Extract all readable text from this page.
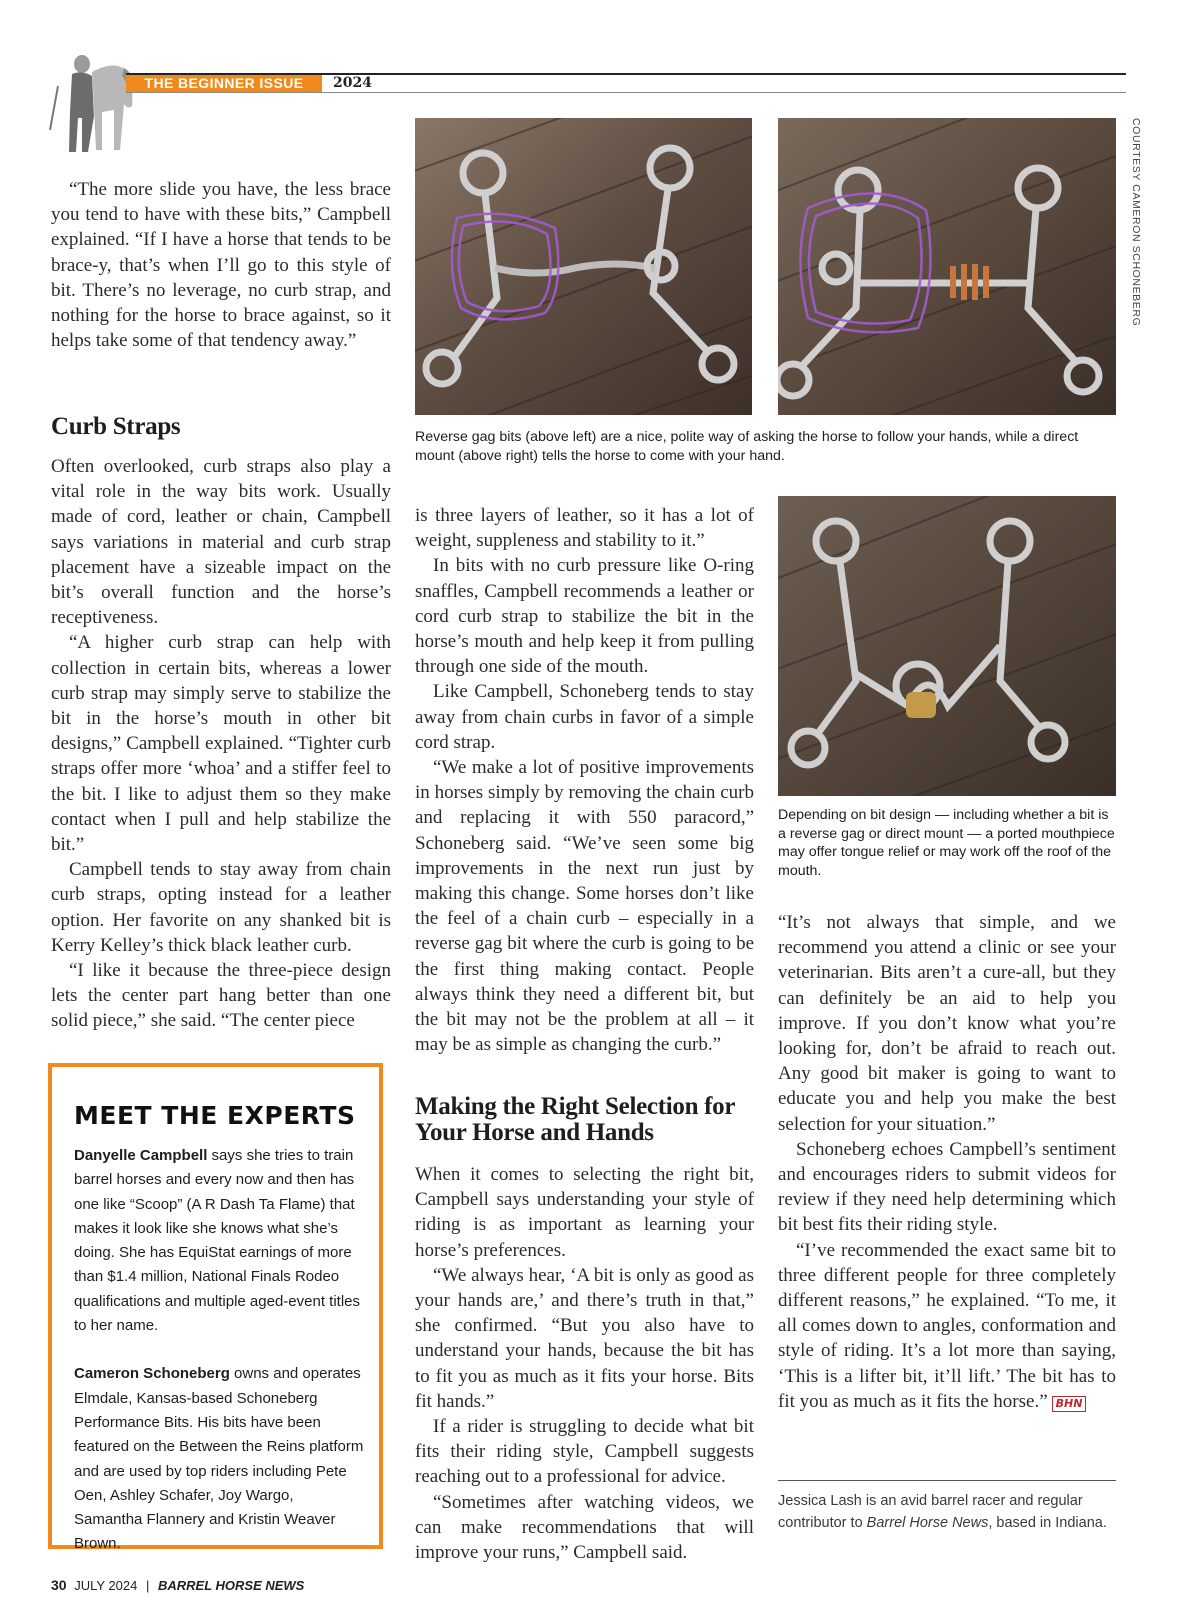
THE BEGINNER ISSUE	2024

“The more slide you have, the less brace you tend to have with these bits,” Campbell explained. “If I have a horse that tends to be brace-y, that’s when I’ll go to this style of bit. There’s no leverage, no curb strap, and nothing for the horse to brace against, so it helps take some of that tendency away.”

Curb Straps

Often overlooked, curb straps also play a vital role in the way bits work. Usually made of cord, leather or chain, Campbell says variations in material and curb strap placement have a sizeable impact on the bit’s overall function and the horse’s receptiveness.

“A higher curb strap can help with collection in certain bits, whereas a lower curb strap may simply serve to stabilize the bit in the horse’s mouth in other bit designs,” Campbell explained. “Tighter curb straps offer more ‘whoa’ and a stiffer feel to the bit. I like to adjust them so they make contact when I pull and help stabilize the bit.”

Campbell tends to stay away from chain curb straps, opting instead for a leather option. Her favorite on any shanked bit is Kerry Kelley’s thick black leather curb.

“I like it because the three-piece design lets the center part hang better than one solid piece,” she said. “The center piece

MEET THE EXPERTS

Danyelle Campbell says she tries to train barrel horses and every now and then has one like “Scoop” (A R Dash Ta Flame) that makes it look like she knows what she’s doing. She has EquiStat earnings of more than $1.4 million, National Finals Rodeo qualifications and multiple aged-event titles to her name.

Cameron Schoneberg owns and operates Elmdale, Kansas-based Schoneberg Performance Bits. His bits have been featured on the Between the Reins platform and are used by top riders including Pete Oen, Ashley Schafer, Joy Wargo, Samantha Flannery and Kristin Weaver Brown.

COURTESY CAMERON SCHONEBERG
Reverse gag bits (above left) are a nice, polite way of asking the horse to follow your hands, while a direct mount (above right) tells the horse to come with your hand.

is three layers of leather, so it has a lot of weight, suppleness and stability to it.”

In bits with no curb pressure like O-ring snaffles, Campbell recommends a leather or cord curb strap to stabilize the bit in the horse’s mouth and help keep it from pulling through one side of the mouth.

Like Campbell, Schoneberg tends to stay away from chain curbs in favor of a simple cord strap.

“We make a lot of positive improvements in horses simply by removing the chain curb and replacing it with 550 paracord,” Schoneberg said. “We’ve seen some big improvements in the next run just by making this change. Some horses don’t like the feel of a chain curb – especially in a reverse gag bit where the curb is going to be the first thing making contact. People always think they need a different bit, but the bit may not be the problem at all – it may be as simple as changing the curb.”

Making the Right Selection for Your Horse and Hands

When it comes to selecting the right bit, Campbell says understanding your style of riding is as important as learning your horse’s preferences.

“We always hear, ‘A bit is only as good as your hands are,’ and there’s truth in that,” she confirmed. “But you also have to understand your hands, because the bit has to fit you as much as it fits your horse. Bits fit hands.”

If a rider is struggling to decide what bit fits their riding style, Campbell suggests reaching out to a professional for advice.

“Sometimes after watching videos, we can make recommendations that will improve your runs,” Campbell said.

Depending on bit design — including whether a bit is a reverse gag or direct mount — a ported mouthpiece may offer tongue relief or may work off the roof of the mouth.

“It’s not always that simple, and we recommend you attend a clinic or see your veterinarian. Bits aren’t a cure-all, but they can definitely be an aid to help you improve. If you don’t know what you’re looking for, don’t be afraid to reach out. Any good bit maker is going to want to educate you and help you make the best selection for your situation.”

Schoneberg echoes Campbell’s sentiment and encourages riders to submit videos for review if they need help determining which bit best fits their riding style.

“I’ve recommended the exact same bit to three different people for three completely different reasons,” he explained. “To me, it all comes down to angles, conformation and style of riding. It’s a lot more than saying, ‘This is a lifter bit, it’ll lift.’ The bit has to fit you as much as it fits the horse.” BHN

Jessica Lash is an avid barrel racer and regular contributor to Barrel Horse News, based in Indiana.
30 JULY 2024 | BARREL HORSE NEWS
